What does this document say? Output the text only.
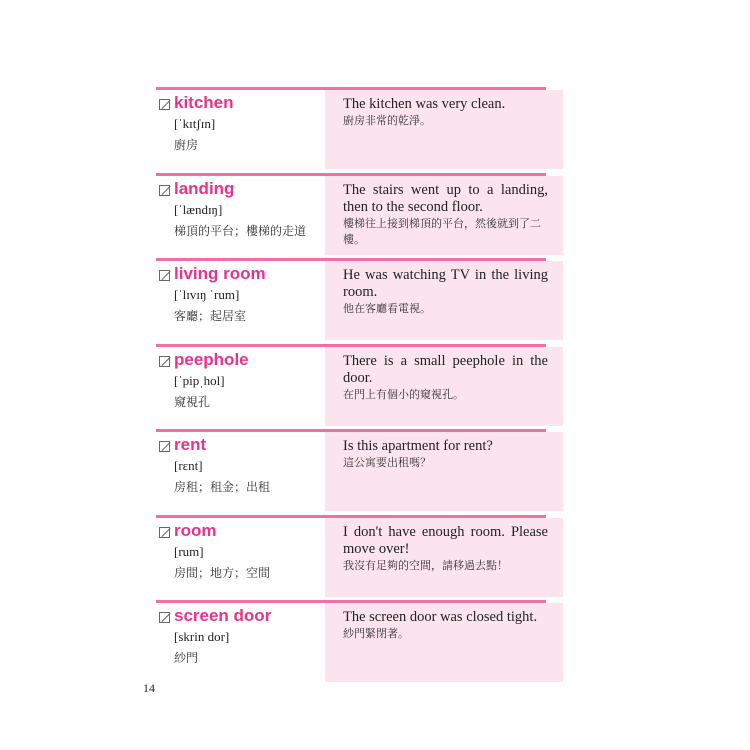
kitchen
[ˈkɪtʃɪn]
廚房
The kitchen was very clean.
廚房非常的乾淨。
landing
[ˈlændɪŋ]
梯頂的平台；樓梯的走道
The stairs went up to a landing, then to the second floor.
樓梯往上接到梯頂的平台，然後就到了二樓。
living room
[ˈlɪvɪŋ ˈrum]
客廳；起居室
He was watching TV in the living room.
他在客廳看電視。
peephole
[ˈpipˌhol]
窺視孔
There is a small peephole in the door.
在門上有個小的窺視孔。
rent
[rɛnt]
房租；租金；出租
Is this apartment for rent?
這公寓要出租嗎？
room
[rum]
房間；地方；空間
I don't have enough room. Please move over!
我沒有足夠的空間，請移過去點！
screen door
[skrin dor]
紗門
The screen door was closed tight.
紗門緊閉著。
14
